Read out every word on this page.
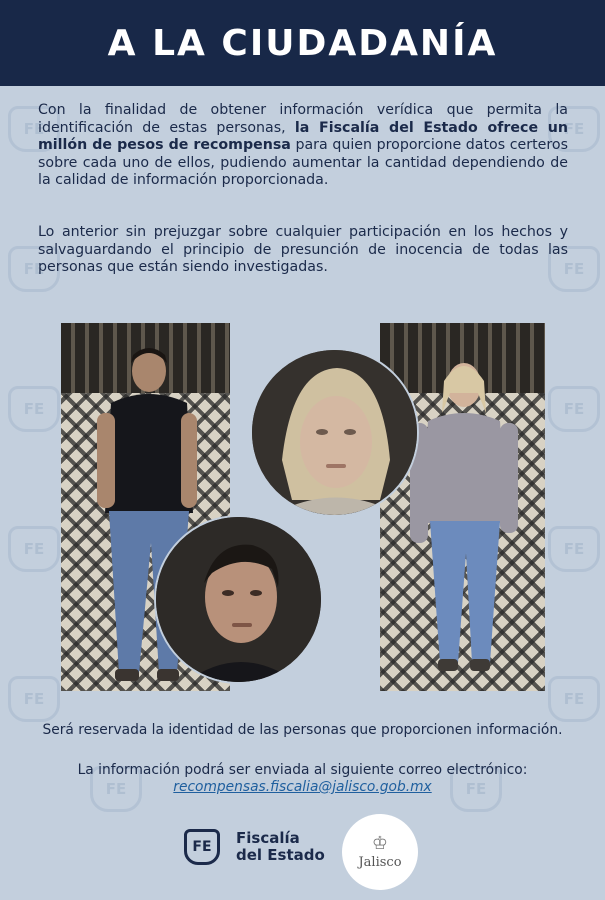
FE	FE
FE	FE
FE	FE
FE	FE
FE	FE
FE	FE
A LA CIUDADANÍA

Con la finalidad de obtener información verídica que permita la identificación de estas personas, la Fiscalía del Estado ofrece un millón de pesos de recompensa para quien proporcione datos certeros sobre cada uno de ellos, pudiendo aumentar la cantidad dependiendo de la calidad de información proporcionada.

Lo anterior sin prejuzgar sobre cualquier participación en los hechos y salvaguardando el principio de presunción de inocencia de todas las personas que están siendo investigadas.

Será reservada la identidad de las personas que proporcionen información.

La información podrá ser enviada al siguiente correo electrónico:

recompensas.fiscalia@jalisco.gob.mx

FE	Fiscalía
del Estado
♔
Jalisco
